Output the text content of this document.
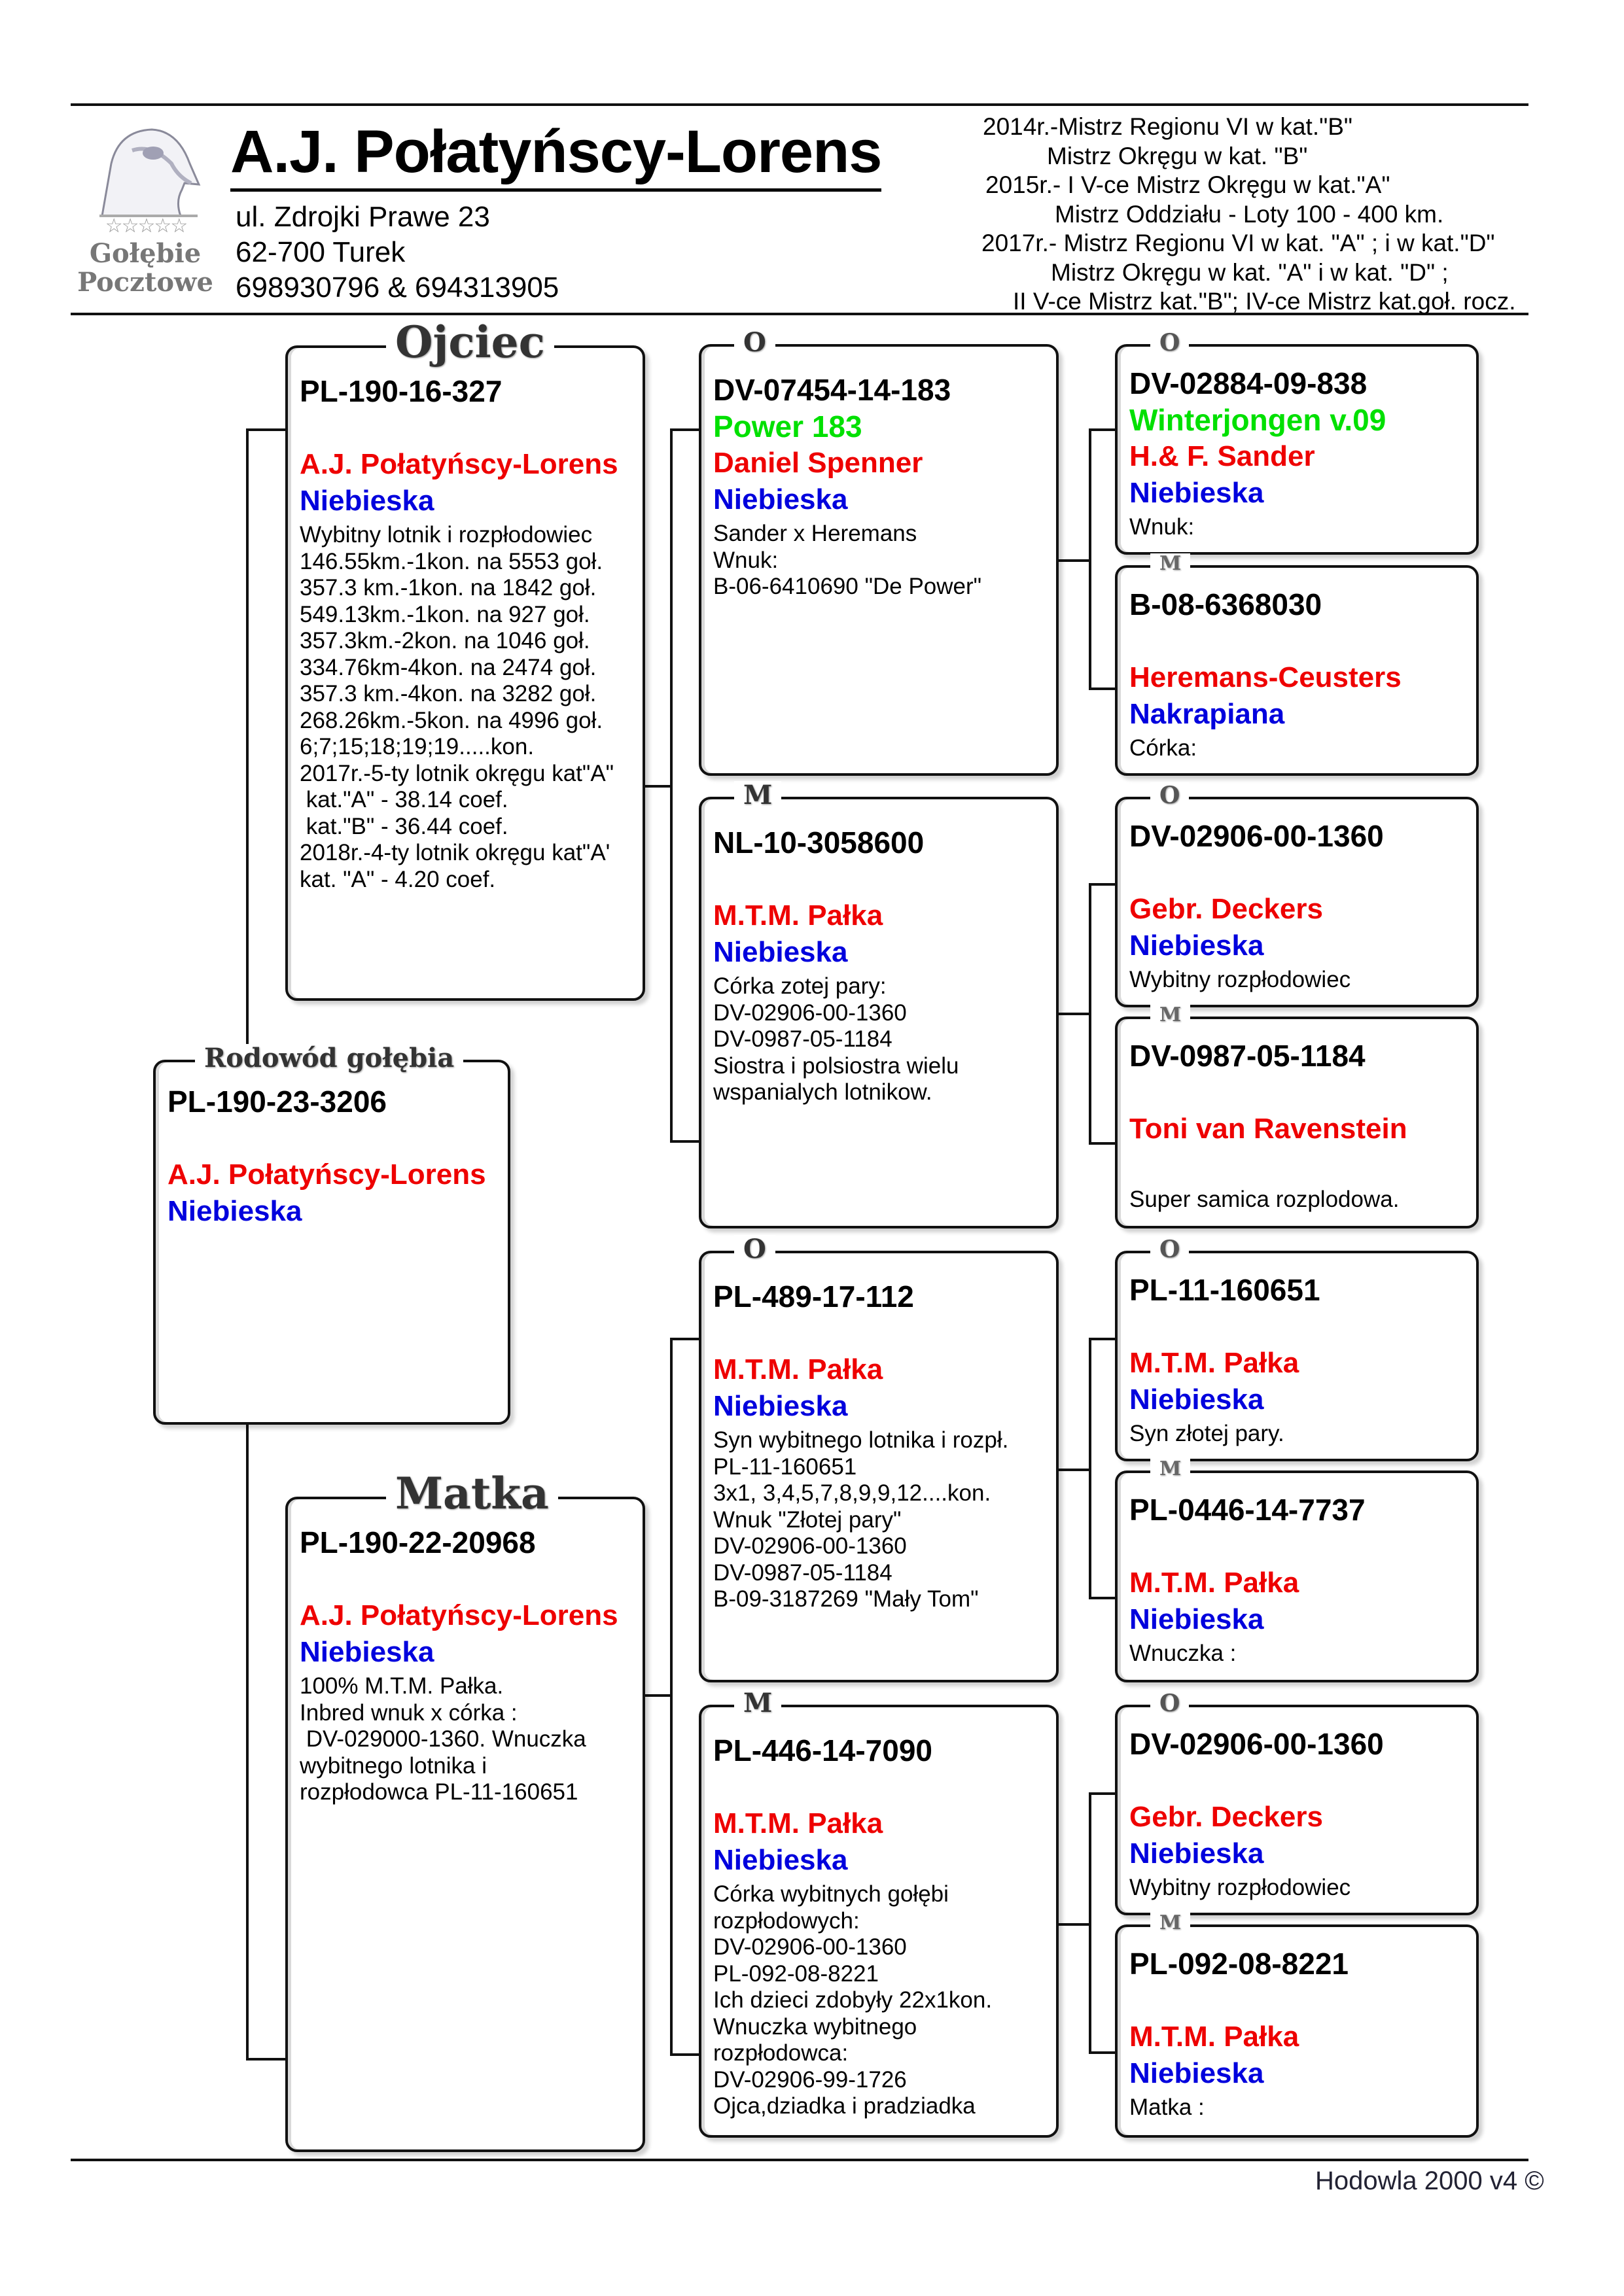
☆☆☆☆☆
Gołębie
Pocztowe
A.J. Połatyńscy-Lorens
ul. Zdrojki Prawe 23
62-700 Turek
698930796 & 694313905
2014r.-Mistrz Regionu VI w kat."B"
Mistrz Okręgu w kat. "B"
2015r.- I V-ce Mistrz Okręgu w kat."A"
Mistrz Oddziału - Loty 100 - 400 km.
2017r.- Mistrz Regionu VI w kat. "A" ; i w kat."D"
Mistrz Okręgu w kat. "A" i w kat. "D" ;
II V-ce Mistrz kat."B"; IV-ce Mistrz kat.goł. rocz.
Rodowód gołębia
PL-190-23-3206
A.J. Połatyńscy-Lorens
Niebieska
Ojciec
PL-190-16-327
A.J. Połatyńscy-Lorens
Niebieska
Wybitny lotnik i rozpłodowiec
146.55km.-1kon. na 5553 goł.
357.3 km.-1kon. na 1842 goł.
549.13km.-1kon. na 927 goł.
357.3km.-2kon. na 1046 goł.
334.76km-4kon. na 2474 goł.
357.3 km.-4kon. na 3282 goł.
268.26km.-5kon. na 4996 goł.
6;7;15;18;19;19.....kon.
2017r.-5-ty lotnik okręgu kat"A"
kat."A" - 38.14 coef.
kat."B" - 36.44 coef.
2018r.-4-ty lotnik okręgu kat"A'
kat. "A" - 4.20 coef.
Matka
PL-190-22-20968
A.J. Połatyńscy-Lorens
Niebieska
100% M.T.M. Pałka.
Inbred wnuk x córka :
DV-029000-1360. Wnuczka
wybitnego lotnika i
rozpłodowca PL-11-160651
O
DV-07454-14-183
Power 183
Daniel Spenner
Niebieska
Sander x Heremans
Wnuk:
B-06-6410690 "De Power"
M
NL-10-3058600
M.T.M. Pałka
Niebieska
Córka zotej pary:
DV-02906-00-1360
DV-0987-05-1184
Siostra i polsiostra wielu
wspanialych lotnikow.
O
PL-489-17-112
M.T.M. Pałka
Niebieska
Syn wybitnego lotnika i rozpł.
PL-11-160651
3x1, 3,4,5,7,8,9,9,12....kon.
Wnuk "Złotej pary"
DV-02906-00-1360
DV-0987-05-1184
B-09-3187269 "Mały Tom"
M
PL-446-14-7090
M.T.M. Pałka
Niebieska
Córka wybitnych gołębi
rozpłodowych:
DV-02906-00-1360
PL-092-08-8221
Ich dzieci zdobyły 22x1kon.
Wnuczka wybitnego
rozpłodowca:
DV-02906-99-1726
Ojca,dziadka i pradziadka
O
DV-02884-09-838
Winterjongen v.09
H.& F. Sander
Niebieska
Wnuk:
M
B-08-6368030
Heremans-Ceusters
Nakrapiana
Córka:
O
DV-02906-00-1360
Gebr. Deckers
Niebieska
Wybitny rozpłodowiec
M
DV-0987-05-1184
Toni van Ravenstein
Super samica rozplodowa.
O
PL-11-160651
M.T.M. Pałka
Niebieska
Syn złotej pary.
M
PL-0446-14-7737
M.T.M. Pałka
Niebieska
Wnuczka :
O
DV-02906-00-1360
Gebr. Deckers
Niebieska
Wybitny rozpłodowiec
M
PL-092-08-8221
M.T.M. Pałka
Niebieska
Matka :
Hodowla 2000 v4 ©
